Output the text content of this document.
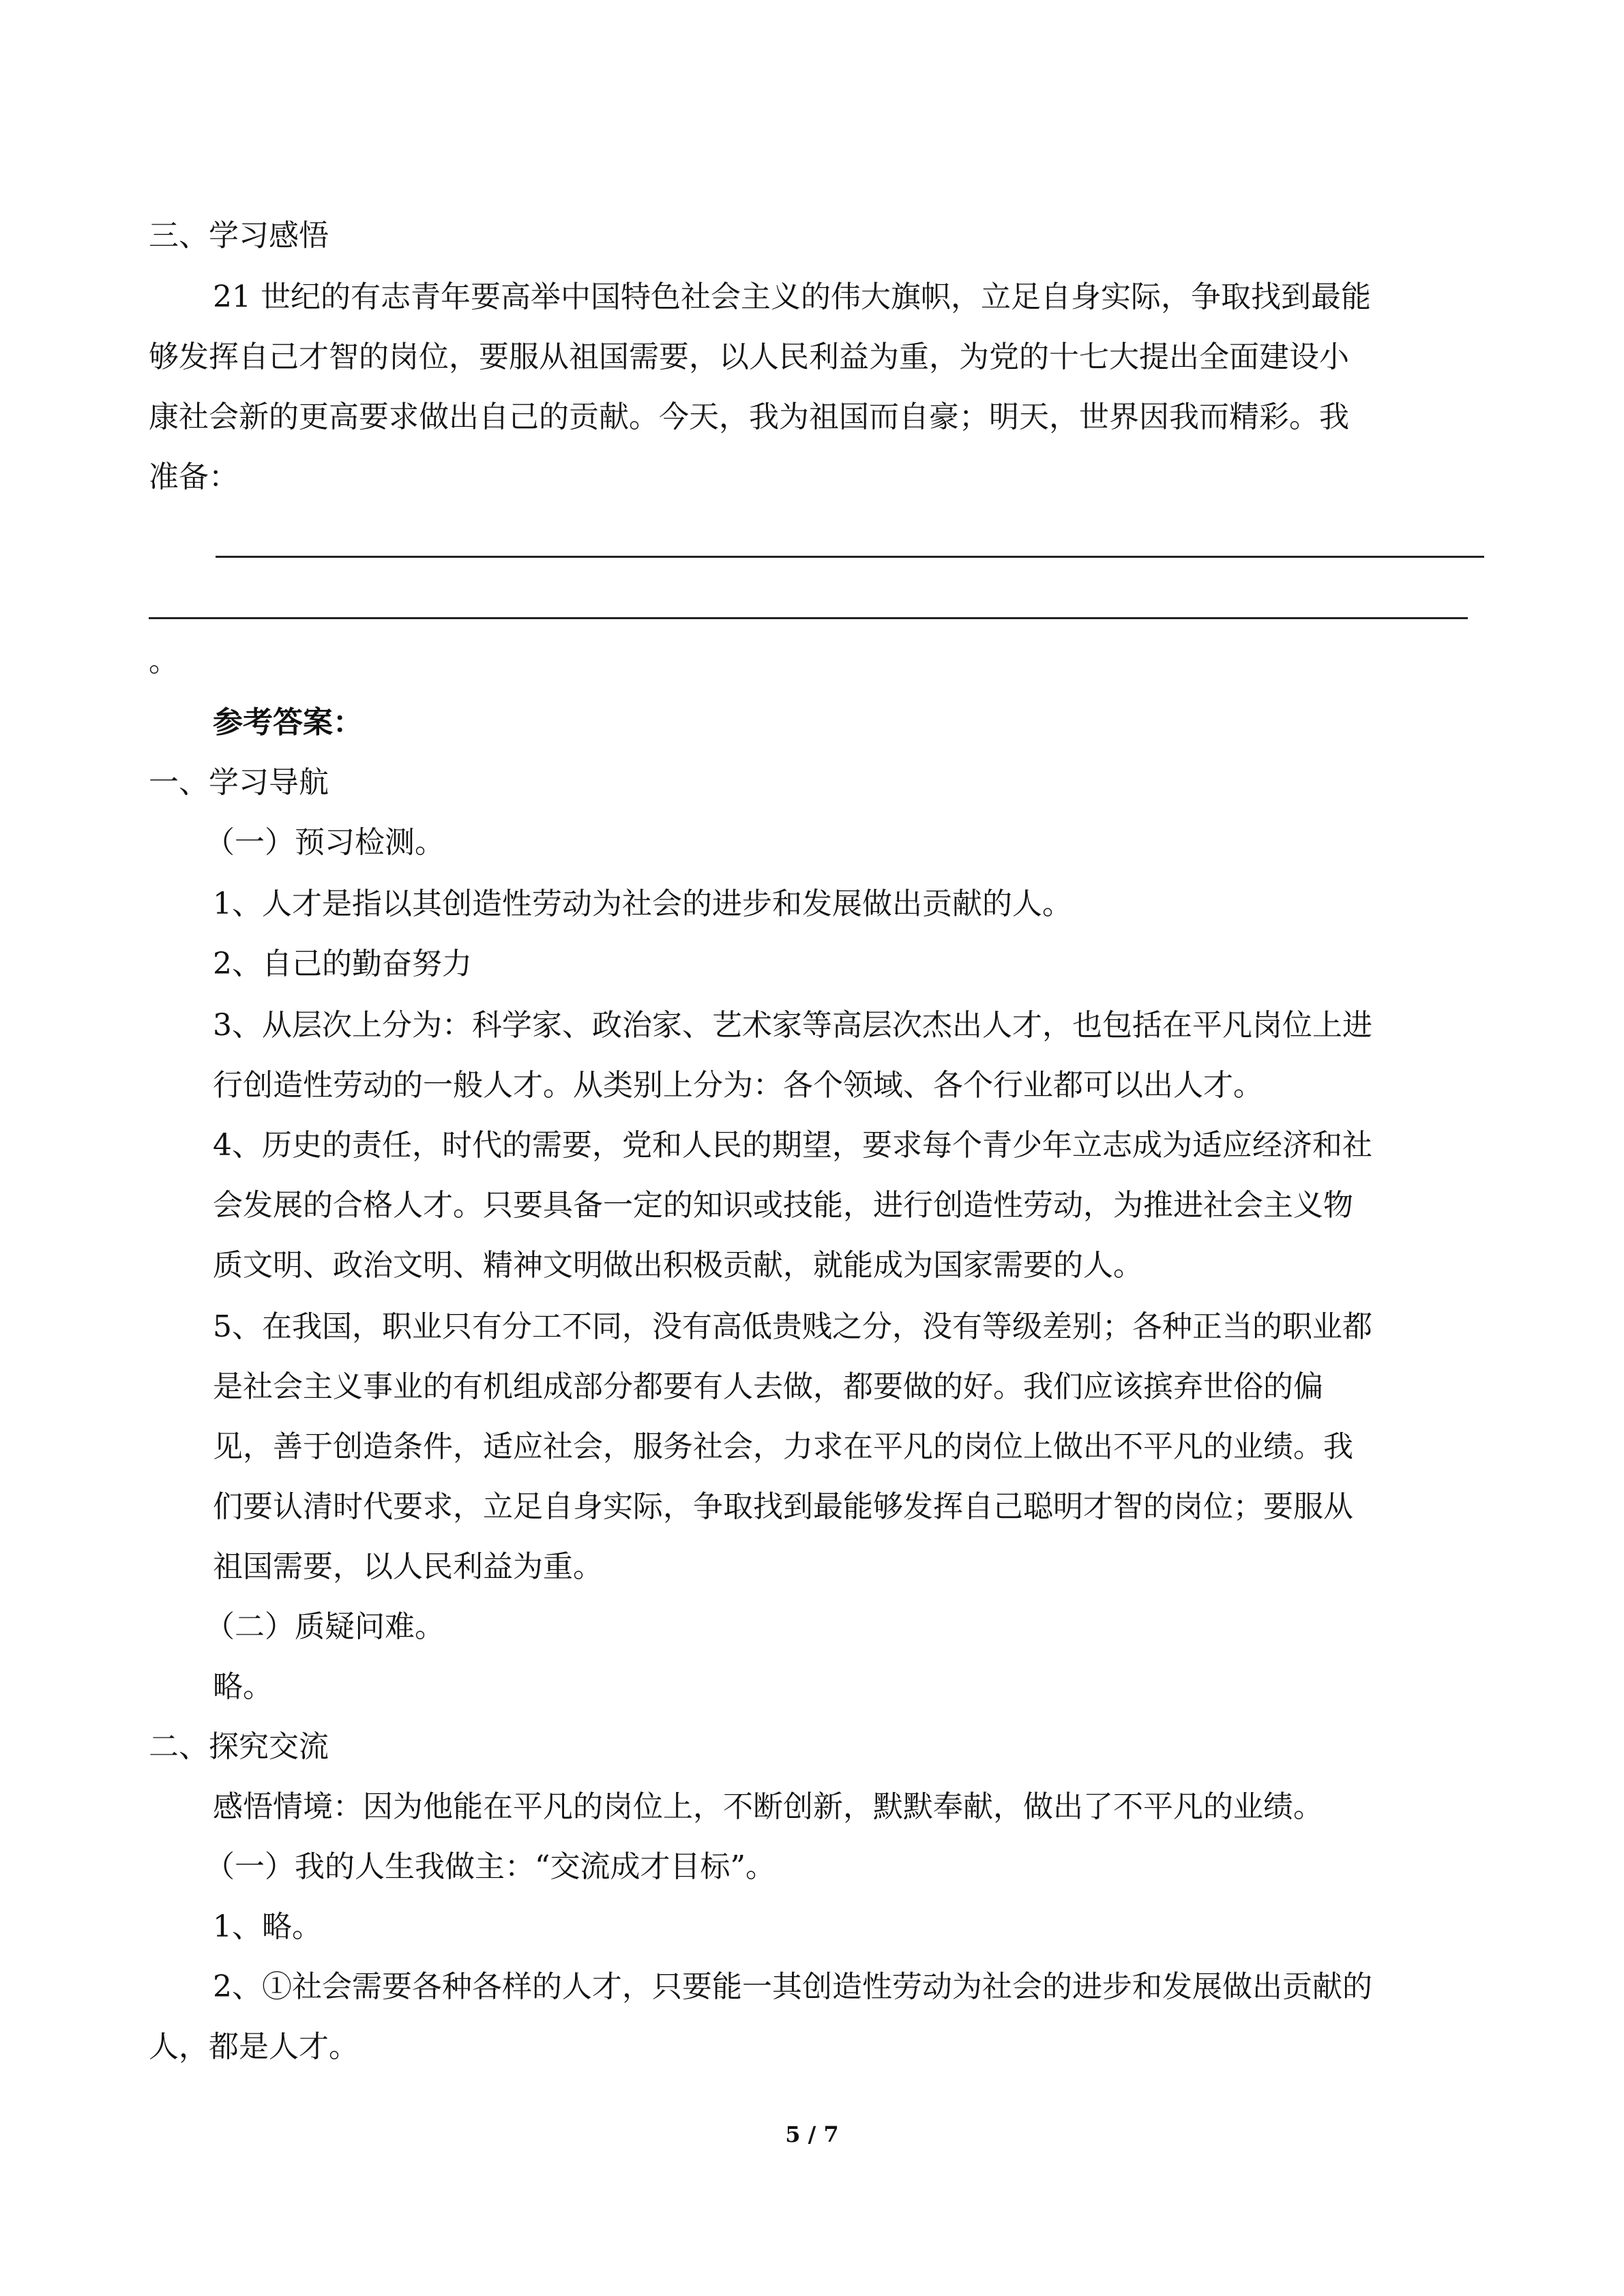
三、学习感悟
21 世纪的有志青年要高举中国特色社会主义的伟大旗帜，立足自身实际，争取找到最能
够发挥自己才智的岗位，要服从祖国需要，以人民利益为重，为党的十七大提出全面建设小
康社会新的更高要求做出自己的贡献。今天，我为祖国而自豪；明天，世界因我而精彩。我
准备：
。
参考答案：
一、学习导航
（一）预习检测。
1、人才是指以其创造性劳动为社会的进步和发展做出贡献的人。
2、自己的勤奋努力
3、从层次上分为：科学家、政治家、艺术家等高层次杰出人才，也包括在平凡岗位上进
行创造性劳动的一般人才。从类别上分为：各个领域、各个行业都可以出人才。
4、历史的责任，时代的需要，党和人民的期望，要求每个青少年立志成为适应经济和社
会发展的合格人才。只要具备一定的知识或技能，进行创造性劳动，为推进社会主义物
质文明、政治文明、精神文明做出积极贡献，就能成为国家需要的人。
5、在我国，职业只有分工不同，没有高低贵贱之分，没有等级差别；各种正当的职业都
是社会主义事业的有机组成部分都要有人去做，都要做的好。我们应该摈弃世俗的偏
见，善于创造条件，适应社会，服务社会，力求在平凡的岗位上做出不平凡的业绩。我
们要认清时代要求，立足自身实际，争取找到最能够发挥自己聪明才智的岗位；要服从
祖国需要，以人民利益为重。
（二）质疑问难。
略。
二、探究交流
感悟情境：因为他能在平凡的岗位上，不断创新，默默奉献，做出了不平凡的业绩。
（一）我的人生我做主：“交流成才目标”。
1、略。
2、①社会需要各种各样的人才，只要能一其创造性劳动为社会的进步和发展做出贡献的
人，都是人才。
5 / 7
